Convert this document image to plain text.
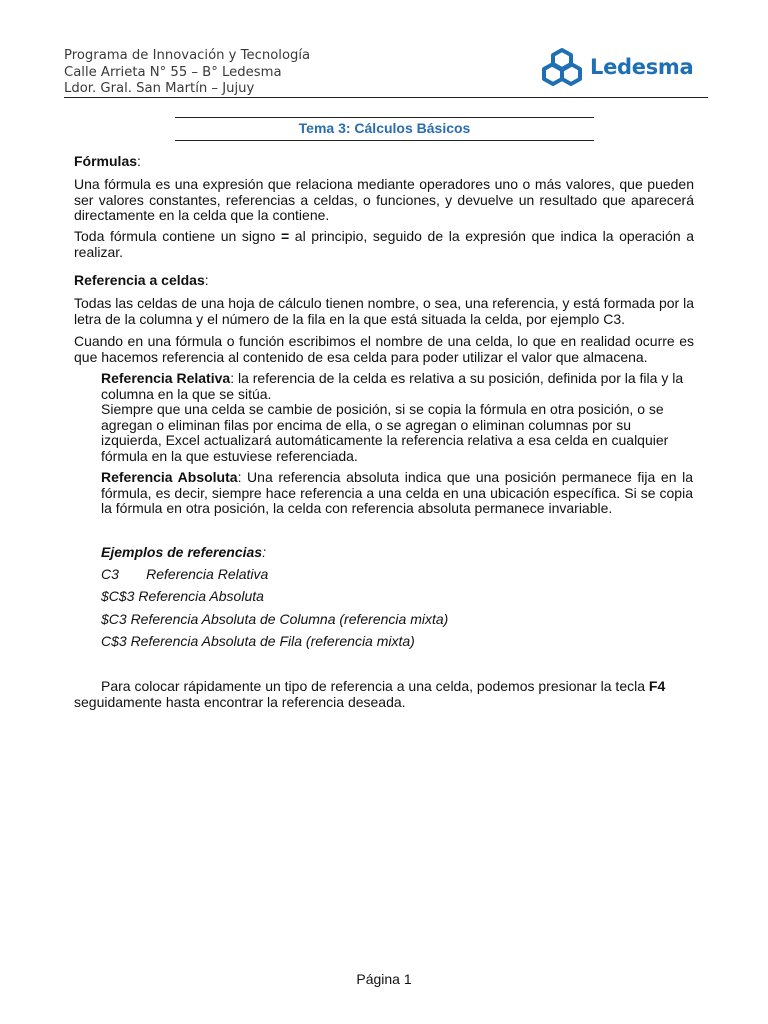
Programa de Innovación y Tecnología
Calle Arrieta N° 55 – B° Ledesma
Ldor. Gral. San Martín – Jujuy
Ledesma
Tema 3: Cálculos Básicos

Fórmulas:

Una fórmula es una expresión que relaciona mediante operadores uno o más valores, que pueden ser valores constantes, referencias a celdas, o funciones, y devuelve un resultado que aparecerá directamente en la celda que la contiene.

Toda fórmula contiene un signo = al principio, seguido de la expresión que indica la operación a realizar.

Referencia a celdas:

Todas las celdas de una hoja de cálculo tienen nombre, o sea, una referencia, y está formada por la letra de la columna y el número de la fila en la que está situada la celda, por ejemplo C3.

Cuando en una fórmula o función escribimos el nombre de una celda, lo que en realidad ocurre es que hacemos referencia al contenido de esa celda para poder utilizar el valor que almacena.

Referencia Relativa: la referencia de la celda es relativa a su posición, definida por la fila y la columna en la que se sitúa.
Siempre que una celda se cambie de posición, si se copia la fórmula en otra posición, o se agregan o eliminan filas por encima de ella, o se agregan o eliminan columnas por su izquierda, Excel actualizará automáticamente la referencia relativa a esa celda en cualquier fórmula en la que estuviese referenciada.

Referencia Absoluta: Una referencia absoluta indica que una posición permanece fija en la fórmula, es decir, siempre hace referencia a una celda en una ubicación específica. Si se copia la fórmula en otra posición, la celda con referencia absoluta permanece invariable.

Ejemplos de referencias:

C3       Referencia Relativa

$C$3 Referencia Absoluta

$C3 Referencia Absoluta de Columna (referencia mixta)

C$3 Referencia Absoluta de Fila (referencia mixta)

Para colocar rápidamente un tipo de referencia a una celda, podemos presionar la tecla F4
seguidamente hasta encontrar la referencia deseada.
Página 1
